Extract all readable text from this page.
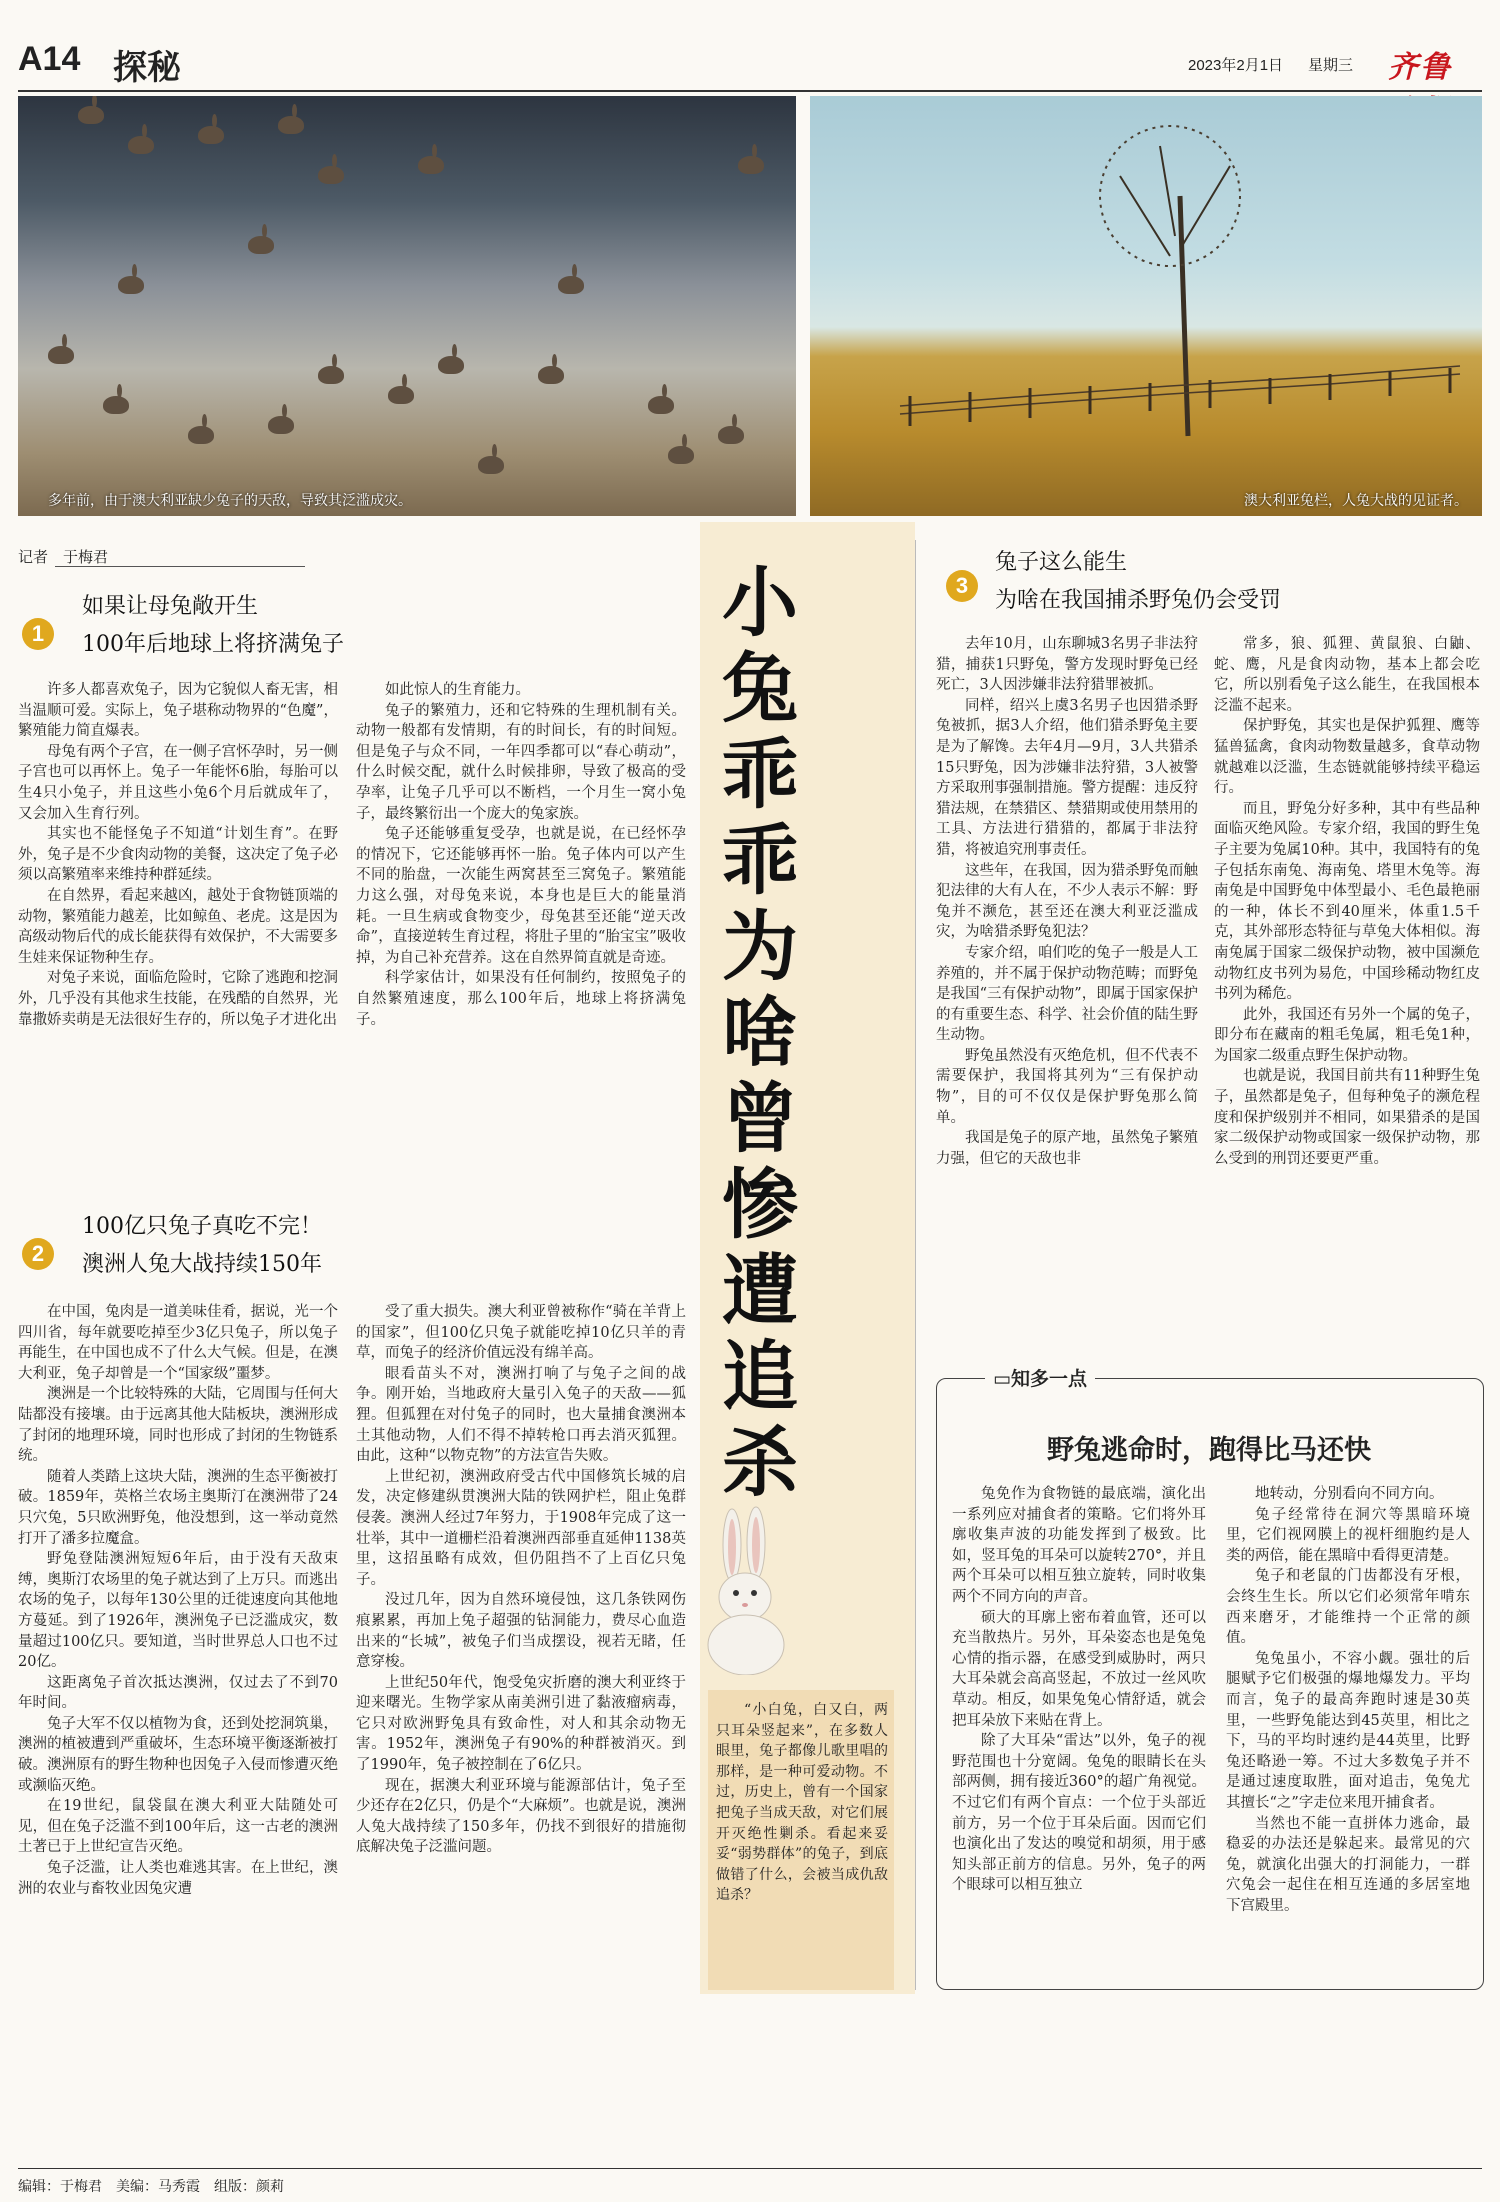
A14 探秘	2023年2月1日 星期三 齐鲁
多年前，由于澳大利亚缺少兔子的天敌，导致其泛滥成灾。	澳大利亚兔栏，人兔大战的见证者。
记者　于梅君
1
如果让母兔敞开生
100年后地球上将挤满兔子

许多人都喜欢兔子，因为它貌似人畜无害，相当温顺可爱。实际上，兔子堪称动物界的“色魔”，繁殖能力简直爆表。

母兔有两个子宫，在一侧子宫怀孕时，另一侧子宫也可以再怀上。兔子一年能怀6胎，每胎可以生4只小兔子，并且这些小兔6个月后就成年了，又会加入生育行列。

其实也不能怪兔子不知道“计划生育”。在野外，兔子是不少食肉动物的美餐，这决定了兔子必须以高繁殖率来维持种群延续。

在自然界，看起来越凶，越处于食物链顶端的动物，繁殖能力越差，比如鲸鱼、老虎。这是因为高级动物后代的成长能获得有效保护，不大需要多生娃来保证物种生存。

对兔子来说，面临危险时，它除了逃跑和挖洞外，几乎没有其他求生技能，在残酷的自然界，光靠撒娇卖萌是无法很好生存的，所以兔子才进化出

如此惊人的生育能力。

兔子的繁殖力，还和它特殊的生理机制有关。动物一般都有发情期，有的时间长，有的时间短。但是兔子与众不同，一年四季都可以“春心萌动”，什么时候交配，就什么时候排卵，导致了极高的受孕率，让兔子几乎可以不断档，一个月生一窝小兔子，最终繁衍出一个庞大的兔家族。

兔子还能够重复受孕，也就是说，在已经怀孕的情况下，它还能够再怀一胎。兔子体内可以产生不同的胎盘，一次能生两窝甚至三窝兔子。繁殖能力这么强，对母兔来说，本身也是巨大的能量消耗。一旦生病或食物变少，母兔甚至还能“逆天改命”，直接逆转生育过程，将肚子里的“胎宝宝”吸收掉，为自己补充营养。这在自然界简直就是奇迹。

科学家估计，如果没有任何制约，按照兔子的自然繁殖速度，那么100年后，地球上将挤满兔子。

2
100亿只兔子真吃不完！
澳洲人兔大战持续150年

在中国，兔肉是一道美味佳肴，据说，光一个四川省，每年就要吃掉至少3亿只兔子，所以兔子再能生，在中国也成不了什么大气候。但是，在澳大利亚，兔子却曾是一个“国家级”噩梦。

澳洲是一个比较特殊的大陆，它周围与任何大陆都没有接壤。由于远离其他大陆板块，澳洲形成了封闭的地理环境，同时也形成了封闭的生物链系统。

随着人类踏上这块大陆，澳洲的生态平衡被打破。1859年，英格兰农场主奥斯汀在澳洲带了24只穴兔，5只欧洲野兔，他没想到，这一举动竟然打开了潘多拉魔盒。

野兔登陆澳洲短短6年后，由于没有天敌束缚，奥斯汀农场里的兔子就达到了上万只。而逃出农场的兔子，以每年130公里的迁徙速度向其他地方蔓延。到了1926年，澳洲兔子已泛滥成灾，数量超过100亿只。要知道，当时世界总人口也不过20亿。

这距离兔子首次抵达澳洲，仅过去了不到70年时间。

兔子大军不仅以植物为食，还到处挖洞筑巢，澳洲的植被遭到严重破坏，生态环境平衡逐渐被打破。澳洲原有的野生物种也因兔子入侵而惨遭灭绝或濒临灭绝。

在19世纪，鼠袋鼠在澳大利亚大陆随处可见，但在兔子泛滥不到100年后，这一古老的澳洲土著已于上世纪宣告灭绝。

兔子泛滥，让人类也难逃其害。在上世纪，澳洲的农业与畜牧业因兔灾遭

受了重大损失。澳大利亚曾被称作“骑在羊背上的国家”，但100亿只兔子就能吃掉10亿只羊的青草，而兔子的经济价值远没有绵羊高。

眼看苗头不对，澳洲打响了与兔子之间的战争。刚开始，当地政府大量引入兔子的天敌——狐狸。但狐狸在对付兔子的同时，也大量捕食澳洲本土其他动物，人们不得不掉转枪口再去消灭狐狸。由此，这种“以物克物”的方法宣告失败。

上世纪初，澳洲政府受古代中国修筑长城的启发，决定修建纵贯澳洲大陆的铁网护栏，阻止兔群侵袭。澳洲人经过7年努力，于1908年完成了这一壮举，其中一道栅栏沿着澳洲西部垂直延伸1138英里，这招虽略有成效，但仍阻挡不了上百亿只兔子。

没过几年，因为自然环境侵蚀，这几条铁网伤痕累累，再加上兔子超强的钻洞能力，费尽心血造出来的“长城”，被兔子们当成摆设，视若无睹，任意穿梭。

上世纪50年代，饱受兔灾折磨的澳大利亚终于迎来曙光。生物学家从南美洲引进了黏液瘤病毒，它只对欧洲野兔具有致命性，对人和其余动物无害。1952年，澳洲兔子有90%的种群被消灭。到了1990年，兔子被控制在了6亿只。

现在，据澳大利亚环境与能源部估计，兔子至少还存在2亿只，仍是个“大麻烦”。也就是说，澳洲人兔大战持续了150多年，仍找不到很好的措施彻底解决兔子泛滥问题。

小兔乖乖为啥曾惨遭追杀

“小白兔，白又白，两只耳朵竖起来”，在多数人眼里，兔子都像儿歌里唱的那样，是一种可爱动物。不过，历史上，曾有一个国家把兔子当成天敌，对它们展开灭绝性剿杀。看起来妥妥“弱势群体”的兔子，到底做错了什么，会被当成仇敌追杀？

3
兔子这么能生
为啥在我国捕杀野兔仍会受罚

去年10月，山东聊城3名男子非法狩猎，捕获1只野兔，警方发现时野兔已经死亡，3人因涉嫌非法狩猎罪被抓。

同样，绍兴上虞3名男子也因猎杀野兔被抓，据3人介绍，他们猎杀野兔主要是为了解馋。去年4月—9月，3人共猎杀15只野兔，因为涉嫌非法狩猎，3人被警方采取刑事强制措施。警方提醒：违反狩猎法规，在禁猎区、禁猎期或使用禁用的工具、方法进行猎猎的，都属于非法狩猎，将被追究刑事责任。

这些年，在我国，因为猎杀野兔而触犯法律的大有人在，不少人表示不解：野兔并不濒危，甚至还在澳大利亚泛滥成灾，为啥猎杀野兔犯法？

专家介绍，咱们吃的兔子一般是人工养殖的，并不属于保护动物范畴；而野兔是我国“三有保护动物”，即属于国家保护的有重要生态、科学、社会价值的陆生野生动物。

野兔虽然没有灭绝危机，但不代表不需要保护，我国将其列为“三有保护动物”，目的可不仅仅是保护野兔那么简单。

我国是兔子的原产地，虽然兔子繁殖力强，但它的天敌也非

常多，狼、狐狸、黄鼠狼、白鼬、蛇、鹰，凡是食肉动物，基本上都会吃它，所以别看兔子这么能生，在我国根本泛滥不起来。

保护野兔，其实也是保护狐狸、鹰等猛兽猛禽，食肉动物数量越多，食草动物就越难以泛滥，生态链就能够持续平稳运行。

而且，野兔分好多种，其中有些品种面临灭绝风险。专家介绍，我国的野生兔子主要为兔属10种。其中，我国特有的兔子包括东南兔、海南兔、塔里木兔等。海南兔是中国野兔中体型最小、毛色最艳丽的一种，体长不到40厘米，体重1.5千克，其外部形态特征与草兔大体相似。海南兔属于国家二级保护动物，被中国濒危动物红皮书列为易危，中国珍稀动物红皮书列为稀危。

此外，我国还有另外一个属的兔子，即分布在藏南的粗毛兔属，粗毛兔1种，为国家二级重点野生保护动物。

也就是说，我国目前共有11种野生兔子，虽然都是兔子，但每种兔子的濒危程度和保护级别并不相同，如果猎杀的是国家二级保护动物或国家一级保护动物，那么受到的刑罚还要更严重。

▭知多一点
野兔逃命时，跑得比马还快

兔免作为食物链的最底端，演化出一系列应对捕食者的策略。它们将外耳廓收集声波的功能发挥到了极致。比如，竖耳兔的耳朵可以旋转270°，并且两个耳朵可以相互独立旋转，同时收集两个不同方向的声音。

硕大的耳廓上密布着血管，还可以充当散热片。另外，耳朵姿态也是兔兔心情的指示器，在感受到威胁时，两只大耳朵就会高高竖起，不放过一丝风吹草动。相反，如果兔兔心情舒适，就会把耳朵放下来贴在背上。

除了大耳朵“雷达”以外，兔子的视野范围也十分宽阔。兔兔的眼睛长在头部两侧，拥有接近360°的超广角视觉。不过它们有两个盲点：一个位于头部近前方，另一个位于耳朵后面。因而它们也演化出了发达的嗅觉和胡须，用于感知头部正前方的信息。另外，兔子的两个眼球可以相互独立

地转动，分别看向不同方向。

兔子经常待在洞穴等黑暗环境里，它们视网膜上的视杆细胞约是人类的两倍，能在黑暗中看得更清楚。

兔子和老鼠的门齿都没有牙根，会终生生长。所以它们必须常年啃东西来磨牙，才能维持一个正常的颜值。

兔兔虽小，不容小觑。强壮的后腿赋予它们极强的爆地爆发力。平均而言，兔子的最高奔跑时速是30英里，一些野兔能达到45英里，相比之下，马的平均时速约是44英里，比野兔还略逊一筹。不过大多数兔子并不是通过速度取胜，面对追击，兔兔尤其擅长“之”字走位来甩开捕食者。

当然也不能一直拼体力逃命，最稳妥的办法还是躲起来。最常见的穴兔，就演化出强大的打洞能力，一群穴兔会一起住在相互连通的多居室地下宫殿里。

编辑：于梅君　美编：马秀霞　组版：颜莉
